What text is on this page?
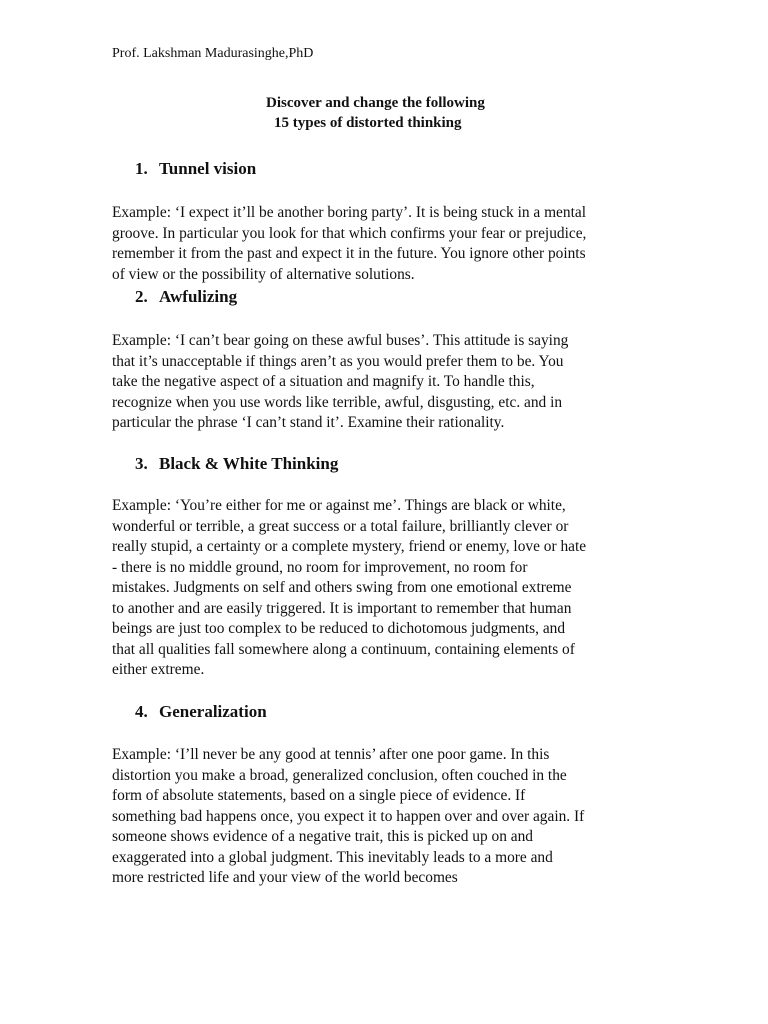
Prof. Lakshman Madurasinghe,PhD
Discover and change the following
15 types of distorted thinking
1. Tunnel vision
Example: ‘I expect it’ll be another boring party’. It is being stuck in a mental
groove. In particular you look for that which confirms your fear or prejudice,
remember it from the past and expect it in the future. You ignore other points
of view or the possibility of alternative solutions.
2. Awfulizing
Example: ‘I can’t bear going on these awful buses’. This attitude is saying
that it’s unacceptable if things aren’t as you would prefer them to be. You
take the negative aspect of a situation and magnify it. To handle this,
recognize when you use words like terrible, awful, disgusting, etc. and in
particular the phrase ‘I can’t stand it’. Examine their rationality.
3. Black & White Thinking
Example: ‘You’re either for me or against me’. Things are black or white,
wonderful or terrible, a great success or a total failure, brilliantly clever or
really stupid, a certainty or a complete mystery, friend or enemy, love or hate
- there is no middle ground, no room for improvement, no room for
mistakes. Judgments on self and others swing from one emotional extreme
to another and are easily triggered. It is important to remember that human
beings are just too complex to be reduced to dichotomous judgments, and
that all qualities fall somewhere along a continuum, containing elements of
either extreme.
4. Generalization
Example: ‘I’ll never be any good at tennis’ after one poor game. In this
distortion you make a broad, generalized conclusion, often couched in the
form of absolute statements, based on a single piece of evidence. If
something bad happens once, you expect it to happen over and over again. If
someone shows evidence of a negative trait, this is picked up on and
exaggerated into a global judgment. This inevitably leads to a more and
more restricted life and your view of the world becomes
